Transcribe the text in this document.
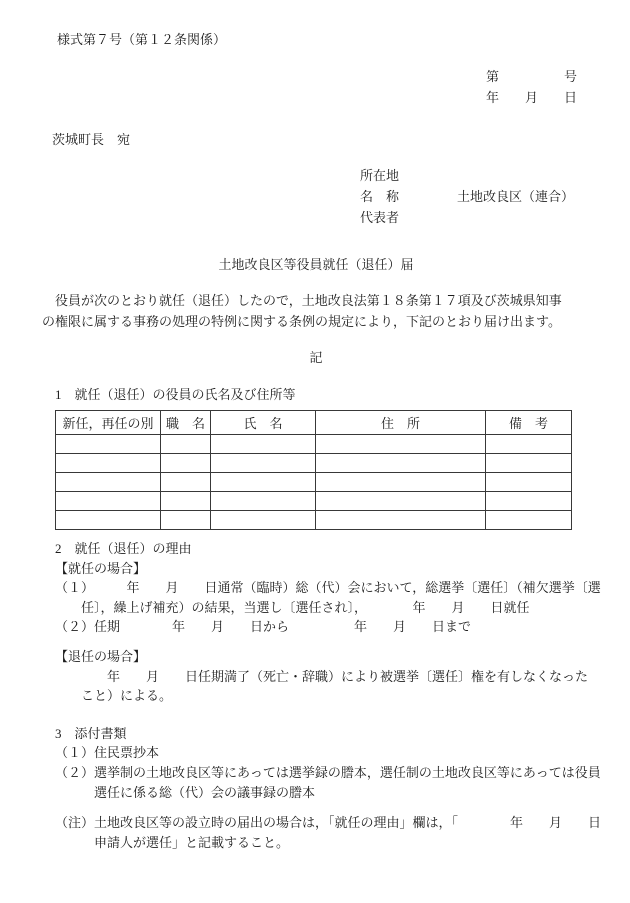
様式第７号（第１２条関係）
第　　　　　号
年　　月　　日
茨城町長　宛
所在地
名　称	土地改良区（連合）
代表者
土地改良区等役員就任（退任）届
　役員が次のとおり就任（退任）したので，土地改良法第１８条第１７項及び茨城県知事
の権限に属する事務の処理の特例に関する条例の規定により，下記のとおり届け出ます。
記
1　就任（退任）の役員の氏名及び住所等
新任，再任の別	職　名	氏　名	住　所	備　考

2　就任（退任）の理由
【就任の場合】
（１）　　　年　　月　　日通常（臨時）総（代）会において，総選挙〔選任〕（補欠選挙〔選
　　任〕，繰上げ補充）の結果，当選し〔選任され〕，　　　　年　　月　　日就任
（２）任期　　　　年　　月　　日から　　　　　年　　月　　日まで
【退任の場合】
　　　　年　　月　　日任期満了（死亡・辞職）により被選挙〔選任〕権を有しなくなった
　　こと）による。
3　添付書類
（１）住民票抄本
（２）選挙制の土地改良区等にあっては選挙録の謄本，選任制の土地改良区等にあっては役員
　　　選任に係る総（代）会の議事録の謄本
（注）土地改良区等の設立時の届出の場合は，「就任の理由」欄は，「　　　　年　　月　　日
　　　申請人が選任」と記載すること。
